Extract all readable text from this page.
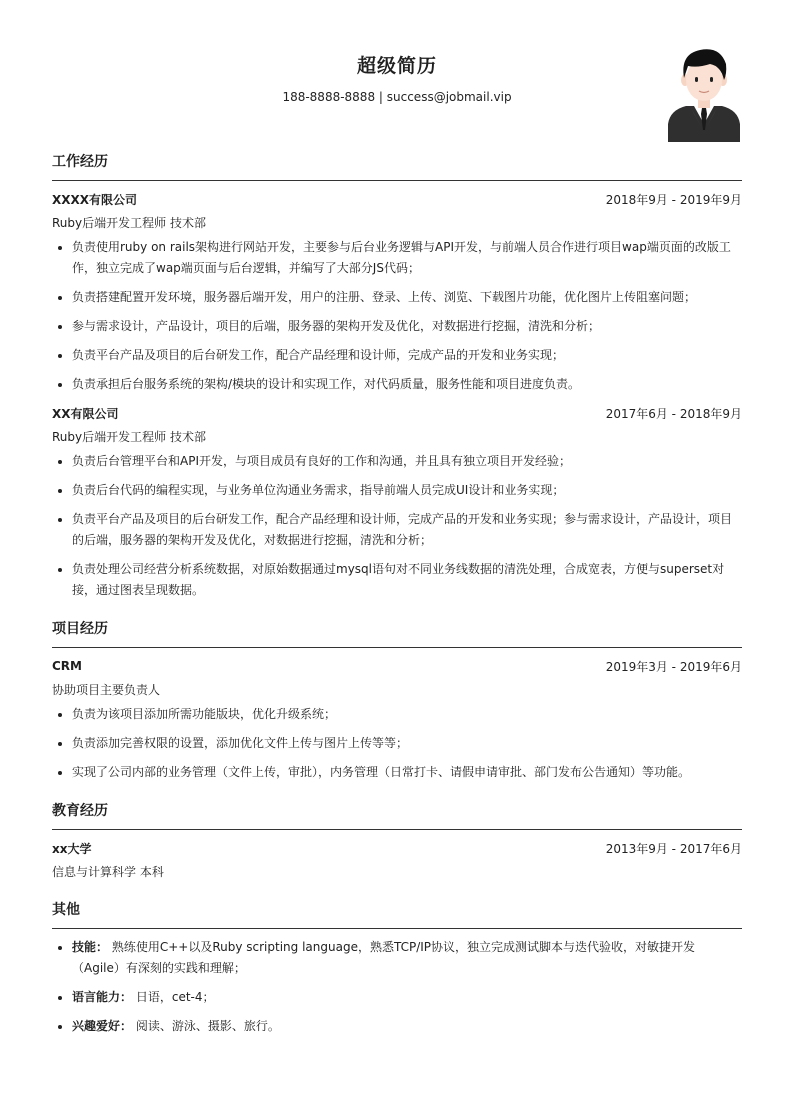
超级简历
188-8888-8888 | success@jobmail.vip
工作经历
XXXX有限公司	2018年9月 - 2019年9月
Ruby后端开发工程师 技术部
• 负责使用ruby on rails架构进行网站开发，主要参与后台业务逻辑与API开发，与前端人员合作进行项目wap端页面的改版工作，独立完成了wap端页面与后台逻辑，并编写了大部分JS代码；
• 负责搭建配置开发环境，服务器后端开发，用户的注册、登录、上传、浏览、下载图片功能，优化图片上传阻塞问题；
• 参与需求设计，产品设计，项目的后端，服务器的架构开发及优化，对数据进行挖掘，清洗和分析；
• 负责平台产品及项目的后台研发工作，配合产品经理和设计师，完成产品的开发和业务实现；
• 负责承担后台服务系统的架构/模块的设计和实现工作，对代码质量，服务性能和项目进度负责。
XX有限公司	2017年6月 - 2018年9月
Ruby后端开发工程师 技术部
• 负责后台管理平台和API开发，与项目成员有良好的工作和沟通，并且具有独立项目开发经验；
• 负责后台代码的编程实现，与业务单位沟通业务需求，指导前端人员完成UI设计和业务实现；
• 负责平台产品及项目的后台研发工作，配合产品经理和设计师，完成产品的开发和业务实现；参与需求设计，产品设计，项目的后端，服务器的架构开发及优化，对数据进行挖掘，清洗和分析；
• 负责处理公司经营分析系统数据，对原始数据通过mysql语句对不同业务线数据的清洗处理，合成宽表，方便与superset对接，通过图表呈现数据。
项目经历
CRM	2019年3月 - 2019年6月
协助项目主要负责人
• 负责为该项目添加所需功能版块，优化升级系统；
• 负责添加完善权限的设置，添加优化文件上传与图片上传等等；
• 实现了公司内部的业务管理（文件上传，审批），内务管理（日常打卡、请假申请审批、部门发布公告通知）等功能。
教育经历
xx大学	2013年9月 - 2017年6月
信息与计算科学 本科
其他
• 技能： 熟练使用C++以及Ruby scripting language，熟悉TCP/IP协议，独立完成测试脚本与迭代验收，对敏捷开发（Agile）有深刻的实践和理解；
• 语言能力： 日语，cet-4；
• 兴趣爱好： 阅读、游泳、摄影、旅行。
